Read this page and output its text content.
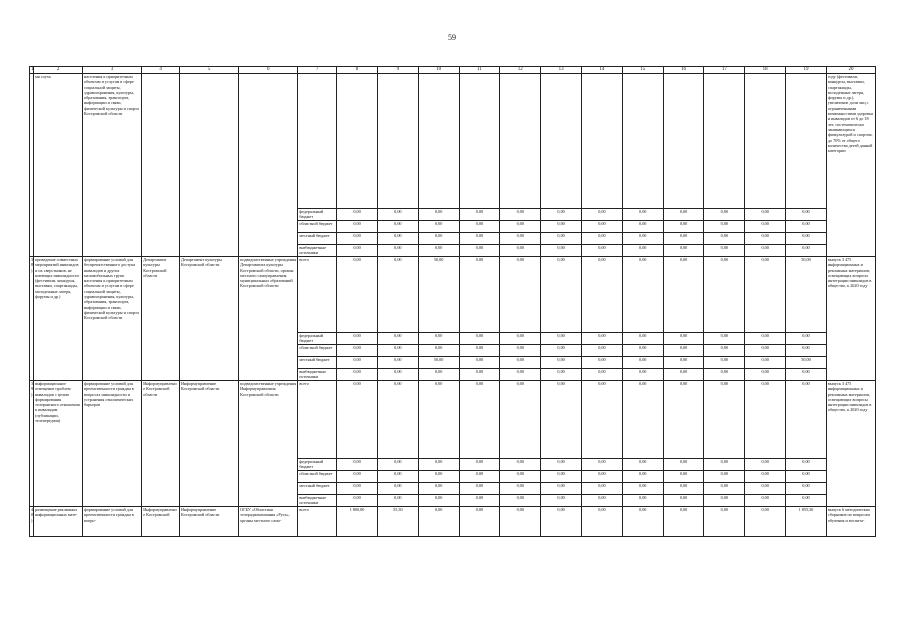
59
1	2	3	4	5	6	7	8	9	10	11	12	13	14	15	16	17	18	19	20
	мя слуха	населения к приоритетным объектам и услугам в сфере социальной защиты, здравоохранения, культуры, образования, транспорта, информации и связи, физической культуры и спорта Костромской области																	году (фестивали, конкурсы, выставки, спартакиады, молодежные лагеря, форумы и др.), увеличение доли лиц с ограниченными возможностями здоровья и инвалидов от 6 до 18 лет, систематически занимающихся физкультурой и спортом, до 70% от общего количества детей данной категории
						федеральный бюджет	0,00	0,00	0,00	0,00	0,00	0,00	0,00	0,00	0,00	0,00	0,00	0,00	
						областной бюджет	0,00	0,00	0,00	0,00	0,00	0,00	0,00	0,00	0,00	0,00	0,00	0,00	
						местный бюджет	0,00	0,00	0,00	0,00	0,00	0,00	0,00	0,00	0,00	0,00	0,00	0,00	
						внебюджетные источники	0,00	0,00	0,00	0,00	0,00	0,00	0,00	0,00	0,00	0,00	0,00	0,00	
38)	проведение совместных мероприятий инвалидов и их сверстников, не имеющих инвалидности (фестивали, конкурсы, выставки, спартакиады, молодежные лагеря, форумы и др.)	формирование условий для беспрепятственного доступа инвалидов и других маломобильных групп населения к приоритетным объектам и услугам в сфере социальной защиты, здравоохранения, культуры, образования, транспорта, информации и связи, физической культуры и спорта Костромской области	Департамент культуры Костромской области	Департамент культуры Костромской области	подведомственные учреждения Департамента культуры Костромской области, органы местного самоуправления муниципальных образований Костромской области	всего	0,00	0,00	50,00	0,00	0,00	0,00	0,00	0,00	0,00	0,00	0,00	50,00	выпуск 3 475 информационных и рекламных материалов, освещающих вопросы интеграции инвалидов в общество, к 2020 году
						федеральный бюджет	0,00	0,00	0,00	0,00	0,00	0,00	0,00	0,00	0,00	0,00	0,00	0,00	
						областной бюджет	0,00	0,00	0,00	0,00	0,00	0,00	0,00	0,00	0,00	0,00	0,00	0,00	
						местный бюджет	0,00	0,00	50,00	0,00	0,00	0,00	0,00	0,00	0,00	0,00	0,00	50,00	
						внебюджетные источники	0,00	0,00	0,00	0,00	0,00	0,00	0,00	0,00	0,00	0,00	0,00	0,00	
39)	информационное освещение проблем инвалидов с целью формирования толерантного отношения к инвалидам (публикации, телепередачи)	формирование условий для преемственности граждан в вопросах инвалидности и устранения отношенческих барьеров	Информуправление Костромской области	Информуправление Костромской области	подведомственные учреждения Информуправления Костромской области	всего	0,00	0,00	0,00	0,00	0,00	0,00	0,00	0,00	0,00	0,00	0,00	0,00	выпуск 3 475 информационных и рекламных материалов, освещающих вопросы интеграции инвалидов в общество, к 2020 году
						федеральный бюджет	0,00	0,00	0,00	0,00	0,00	0,00	0,00	0,00	0,00	0,00	0,00	0,00	
						областной бюджет	0,00	0,00	0,00	0,00	0,00	0,00	0,00	0,00	0,00	0,00	0,00	0,00	
						местный бюджет	0,00	0,00	0,00	0,00	0,00	0,00	0,00	0,00	0,00	0,00	0,00	0,00	
						внебюджетные источники	0,00	0,00	0,00	0,00	0,00	0,00	0,00	0,00	0,00	0,00	0,00	0,00	
40)	размещение рекламных информационных мате-	формирование условий для преемственности граждан в вопро-	Информуправление Костромской	Информуправление Костромской области	ОГБУ «Областная телерадиокомпания «Русь», органы местного само-	всего	1 800,00	55,30	0,00	0,00	0,00	0,00	0,00	0,00	0,00	0,00	0,00	1 855,30	выпуск 6 методических сборников по вопросам обучения и воспита-
